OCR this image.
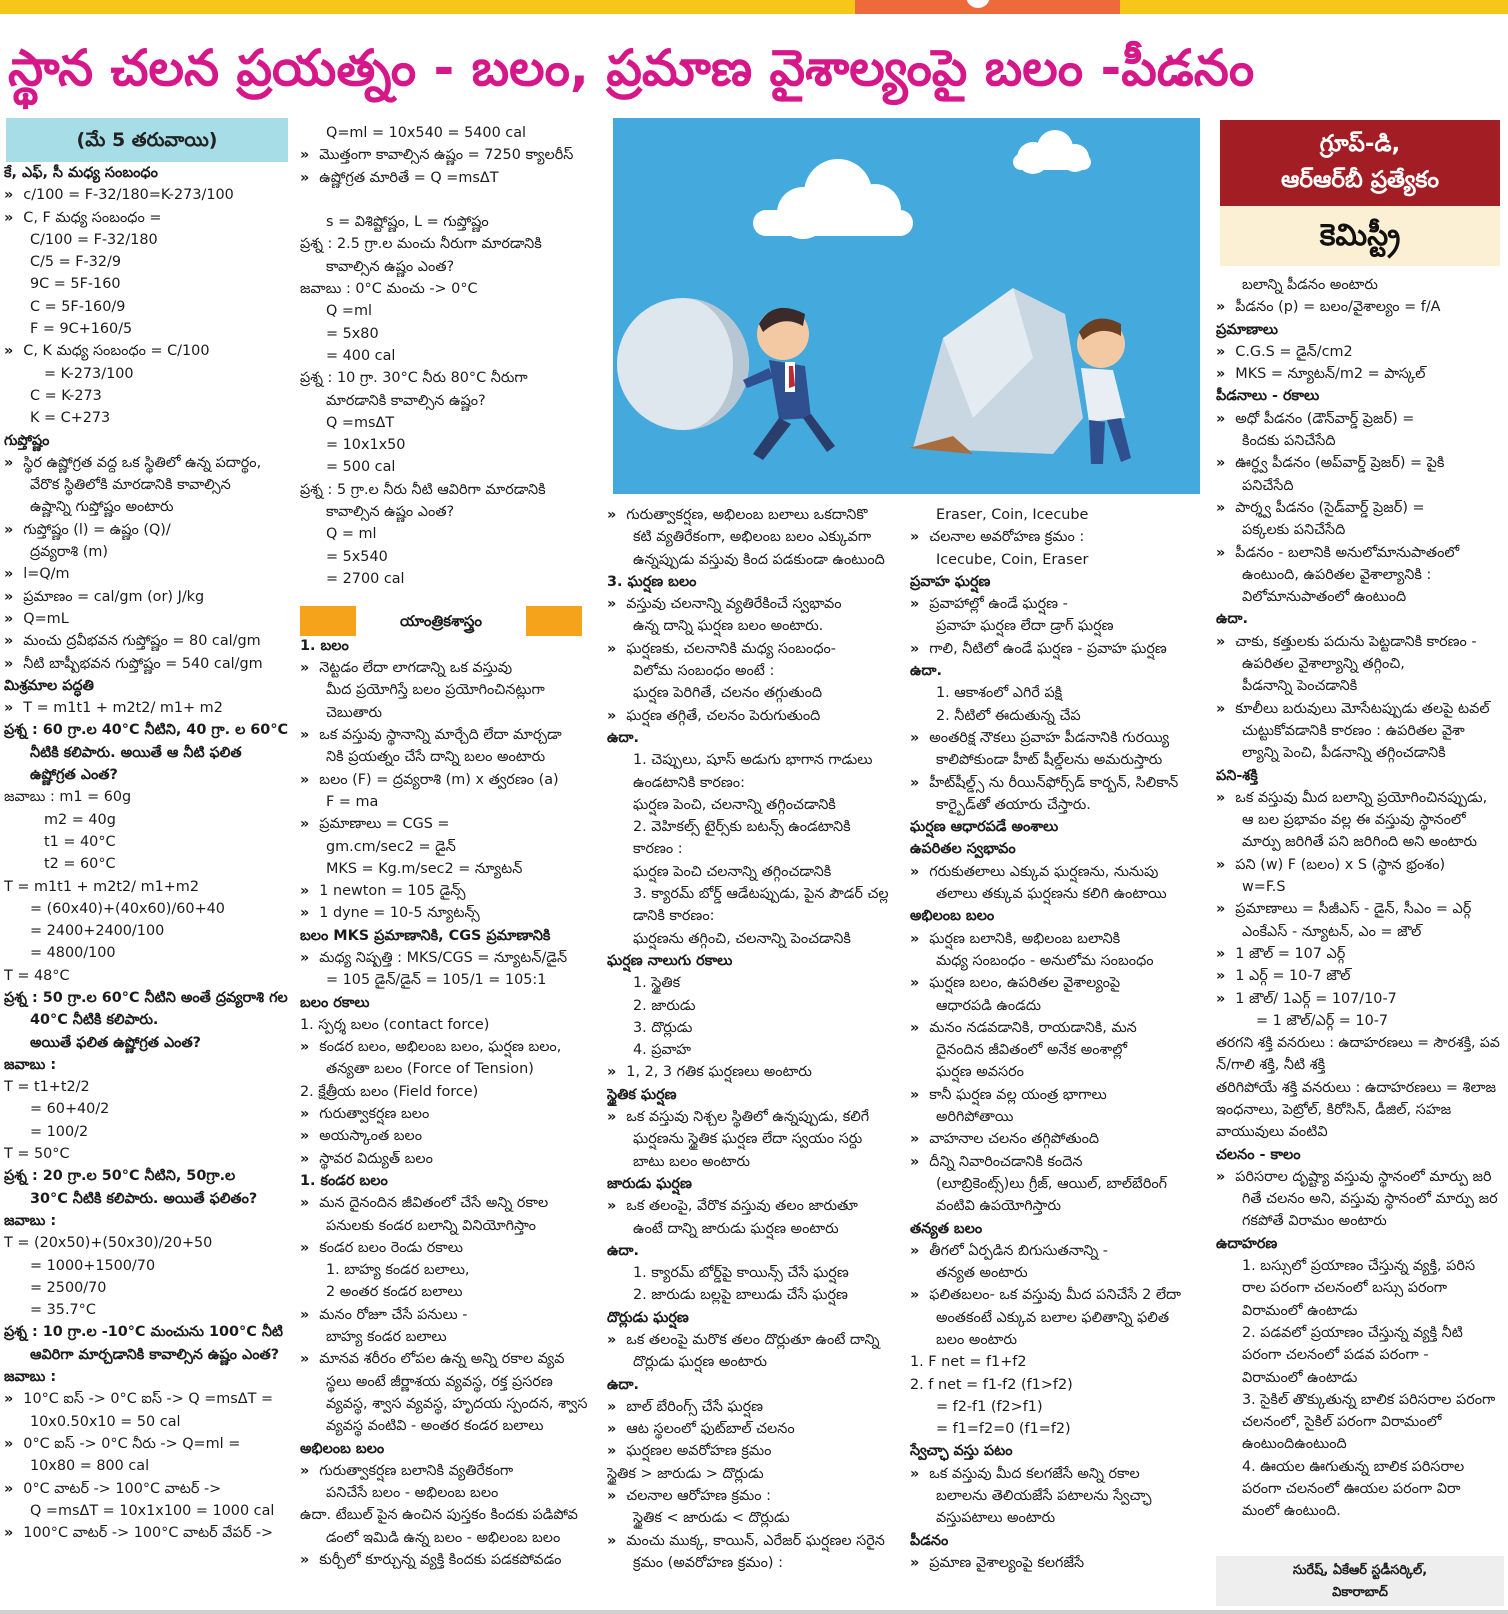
స్థాన చలన ప్రయత్నం - బలం, ప్రమాణ వైశాల్యంపై బలం -పీడనం
(మే 5 తరువాయి)

కే, ఎఫ్‌, సీ మధ్య సంబంధం

» c/100 = F-32/180=K-273/100

» C, F మధ్య సంబంధం =

C/100 = F-32/180

C/5 = F-32/9

9C = 5F-160

C = 5F-160/9

F = 9C+160/5

» C, K మధ్య సంబంధం = C/100

= K-273/100

C = K-273

K = C+273

గుప్తోష్ణం

» స్థిర ఉష్ణోగ్రత వద్ద ఒక స్థితిలో ఉన్న పదార్థం,

వేరొక స్థితిలోకి మారడానికి కావాల్సిన

ఉష్ణాన్ని గుప్తోష్ణం అంటారు

» గుప్తోష్ణం (l) = ఉష్ణం (Q)/

ద్రవ్యరాశి (m)

» l=Q/m

» ప్రమాణం = cal/gm (or) J/kg

» Q=mL

» మంచు ద్రవీభవన గుప్తోష్ణం = 80 cal/gm

» నీటి బాష్పీభవన గుప్తోష్ణం = 540 cal/gm

మిశ్రమాల పద్ధతి

» T = m1t1 + m2t2/ m1+ m2

ప్రశ్న : 60 గ్రా.ల 40°C నీటిని, 40 గ్రా. ల 60°C

నీటికి కలిపారు. అయితే ఆ నీటి ఫలిత

ఉష్ణోగ్రత ఎంత?

జవాబు : m1 = 60g

m2 = 40g

t1 = 40°C

t2 = 60°C

T = m1t1 + m2t2/ m1+m2

= (60x40)+(40x60)/60+40

= 2400+2400/100

= 4800/100

T = 48°C

ప్రశ్న : 50 గ్రా.ల 60°C నీటిని అంతే ద్రవ్యరాశి గల

40°C నీటికి కలిపారు.

అయితే ఫలిత ఉష్ణోగ్రత ఎంత?

జవాబు :

T = t1+t2/2

= 60+40/2

= 100/2

T = 50°C

ప్రశ్న : 20 గ్రా.ల 50°C నీటిని, 50గ్రా.ల

30°C నీటికి కలిపారు. అయితే ఫలితం?

జవాబు :

T = (20x50)+(50x30)/20+50

= 1000+1500/70

= 2500/70

= 35.7°C

ప్రశ్న : 10 గ్రా.ల -10°C మంచును 100°C నీటి

ఆవిరిగా మార్చడానికి కావాల్సిన ఉష్ణం ఎంత?

జవాబు :

» 10°C ఐస్‌ -> 0°C ఐస్‌ -> Q =msΔT =

10x0.50x10 = 50 cal

» 0°C ఐస్‌ -> 0°C నీరు -> Q=ml =

10x80 = 800 cal

» 0°C వాటర్‌ -> 100°C వాటర్‌ ->

Q =msΔT = 10x1x100 = 1000 cal

» 100°C వాటర్‌ -> 100°C వాటర్‌ వేపర్‌ ->

Q=ml = 10x540 = 5400 cal

» మొత్తంగా కావాల్సిన ఉష్ణం = 7250 క్యాలరీస్‌

» ఉష్ణోగ్రత మారితే = Q =msΔT

s = విశిష్టోష్ణం, L = గుప్తోష్ణం

ప్రశ్న : 2.5 గ్రా.ల మంచు నీరుగా మారడానికి

కావాల్సిన ఉష్ణం ఎంత?

జవాబు : 0°C మంచు -> 0°C

Q =ml

= 5x80

= 400 cal

ప్రశ్న : 10 గ్రా. 30°C నీరు 80°C నీరుగా

మారడానికి కావాల్సిన ఉష్ణం?

Q =msΔT

= 10x1x50

= 500 cal

ప్రశ్న : 5 గ్రా.ల నీరు నీటి ఆవిరిగా మారడానికి

కావాల్సిన ఉష్ణం ఎంత?

Q = ml

= 5x540

= 2700 cal

1. బలం

» నెట్టడం లేదా లాగడాన్ని ఒక వస్తువు

మీద ప్రయోగిస్తే బలం ప్రయోగించినట్లుగా

చెబుతారు

» ఒక వస్తువు స్థానాన్ని మార్చేది లేదా మార్చడా

నికి ప్రయత్నం చేసే దాన్ని బలం అంటారు

» బలం (F) = ద్రవ్యరాశి (m) x త్వరణం (a)

F = ma

» ప్రమాణాలు = CGS =

gm.cm/sec2 = డైన్‌

MKS = Kg.m/sec2 = న్యూటన్‌

» 1 newton = 105 డైన్స్‌

» 1 dyne = 10-5 న్యూటన్స్‌

బలం MKS ప్రమాణానికి, CGS ప్రమాణానికి

» మధ్య నిష్పత్తి : MKS/CGS = న్యూటన్‌/డైన్‌

= 105 డైన్‌/డైన్‌ = 105/1 = 105:1

బలం రకాలు

1. స్పర్శ బలం (contact force)

» కండర బలం, అభిలంబ బలం, ఘర్షణ బలం,

తన్యతా బలం (Force of Tension)

2. క్షేత్రీయ బలం (Field force)

» గురుత్వాకర్షణ బలం

» అయస్కాంత బలం

» స్థావర విద్యుత్‌ బలం

1. కండర బలం

» మన దైనందిన జీవితంలో చేసే అన్ని రకాల

పనులకు కండర బలాన్ని వినియోగిస్తాం

» కండర బలం రెండు రకాలు

1. బాహ్య కండర బలాలు,

2 అంతర కండర బలాలు

» మనం రోజూ చేసే పనులు -

బాహ్య కండర బలాలు

» మానవ శరీరం లోపల ఉన్న అన్ని రకాల వ్యవ

స్థలు అంటే జీర్ణాశయ వ్యవస్థ, రక్త ప్రసరణ

వ్యవస్థ, శ్వాస వ్యవస్థ, హృదయ స్పందన, శ్వాస

వ్యవస్థ వంటివి - అంతర కండర బలాలు

అభిలంబ బలం

» గురుత్వాకర్షణ బలానికి వ్యతిరేకంగా

పనిచేసే బలం - అభిలంబ బలం

ఉదా. టేబుల్‌ పైన ఉంచిన పుస్తకం కిందకు పడిపోవ

డంలో ఇమిడి ఉన్న బలం - అభిలంబ బలం

» కుర్చీలో కూర్చున్న వ్యక్తి కిందకు పడకపోవడం

యాంత్రికశాస్త్రం

» గురుత్వాకర్షణ, అభిలంబ బలాలు ఒకదానికొ

కటి వ్యతిరేకంగా, అభిలంబ బలం ఎక్కువగా

ఉన్నప్పుడు వస్తువు కింద పడకుండా ఉంటుంది

3. ఘర్షణ బలం

» వస్తువు చలనాన్ని వ్యతిరేకించే స్వభావం

ఉన్న దాన్ని ఘర్షణ బలం అంటారు.

» ఘర్షణకు, చలనానికి మధ్య సంబంధం-

విలోమ సంబంధం అంటే :

ఘర్షణ పెరిగితే, చలనం తగ్గుతుంది

» ఘర్షణ తగ్గితే, చలనం పెరుగుతుంది

ఉదా.

1. చెప్పులు, షూస్‌ అడుగు భాగాన గాడులు

ఉండటానికి కారణం:

ఘర్షణ పెంచి, చలనాన్ని తగ్గించడానికి

2. వెహికల్స్‌ టైర్స్‌కు బటన్స్‌ ఉండటానికి

కారణం :

ఘర్షణ పెంచి చలనాన్ని తగ్గించడానికి

3. క్యారమ్‌ బోర్డ్‌ ఆడేటప్పుడు, పైన పౌడర్‌ చల్ల

డానికి కారణం:

ఘర్షణను తగ్గించి, చలనాన్ని పెంచడానికి

ఘర్షణ నాలుగు రకాలు

1. స్థైతిక

2. జారుడు

3. దొర్లుడు

4. ప్రవాహ

» 1, 2, 3 గతిక ఘర్షణలు అంటారు

స్థైతిక ఘర్షణ

» ఒక వస్తువు నిశ్చల స్థితిలో ఉన్నప్పుడు, కలిగే

ఘర్షణను స్థైతిక ఘర్షణ లేదా స్వయం సర్దు

బాటు బలం అంటారు

జారుడు ఘర్షణ

» ఒక తలంపై, వేరొక వస్తువు తలం జారుతూ

ఉంటే దాన్ని జారుడు ఘర్షణ అంటారు

ఉదా.

1. క్యారమ్‌ బోర్డ్‌పై కాయిన్స్‌ చేసే ఘర్షణ

2. జారుడు బల్లపై బాలుడు చేసే ఘర్షణ

దొర్లుడు ఘర్షణ

» ఒక తలంపై మరొక తలం దొర్లుతూ ఉంటే దాన్ని

దొర్లుడు ఘర్షణ అంటారు

ఉదా.

» బాల్‌ బేరింగ్స్‌ చేసే ఘర్షణ

» ఆట స్థలంలో ఫుట్‌బాల్‌ చలనం

» ఘర్షణల అవరోహణ క్రమం

స్థైతిక > జారుడు > దొర్లుడు

» చలనాల ఆరోహణ క్రమం :

స్థైతిక < జారుడు < దొర్లుడు

» మంచు ముక్క, కాయిన్‌, ఎరేజర్‌ ఘర్షణల సరైన

క్రమం (అవరోహణ క్రమం) :

Eraser, Coin, Icecube

» చలనాల అవరోహణ క్రమం :

Icecube, Coin, Eraser

ప్రవాహ ఘర్షణ

» ప్రవాహాల్లో ఉండే ఘర్షణ -

ప్రవాహ ఘర్షణ లేదా డ్రాగ్‌ ఘర్షణ

» గాలి, నీటిలో ఉండే ఘర్షణ - ప్రవాహ ఘర్షణ

ఉదా.

1. ఆకాశంలో ఎగిరే పక్షి

2. నీటిలో ఈదుతున్న చేప

» అంతరిక్ష నౌకలు ప్రవాహ పీడనానికి గురయ్యి

కాలిపోకుండా హీట్‌ షీల్డ్‌లను అమరుస్తారు

» హీట్‌షీల్డ్స్‌ ను రీయిన్‌ఫోర్స్‌డ్‌ కార్బన్‌, సిలికాన్‌

కార్బైడ్‌తో తయారు చేస్తారు.

ఘర్షణ ఆధారపడే అంశాలు

ఉపరితల స్వభావం

» గరుకుతలాలు ఎక్కువ ఘర్షణను, నునుపు

తలాలు తక్కువ ఘర్షణను కలిగి ఉంటాయి

అభిలంబ బలం

» ఘర్షణ బలానికి, అభిలంబ బలానికి

మధ్య సంబంధం - అనులోమ సంబంధం

» ఘర్షణ బలం, ఉపరితల వైశాల్యంపై

ఆధారపడి ఉండదు

» మనం నడవడానికి, రాయడానికి, మన

దైనందిన జీవితంలో అనేక అంశాల్లో

ఘర్షణ అవసరం

» కానీ ఘర్షణ వల్ల యంత్ర భాగాలు

అరిగిపోతాయి

» వాహనాల చలనం తగ్గిపోతుంది

» దీన్ని నివారించడానికి కందెన

(లూబ్రికెంట్స్‌)లు గ్రీజ్‌, ఆయిల్‌, బాల్‌బేరింగ్‌

వంటివి ఉపయోగిస్తారు

తన్యత బలం

» తీగలో ఏర్పడిన బిగుసుతనాన్ని -

తన్యత అంటారు

» ఫలితబలం- ఒక వస్తువు మీద పనిచేసే 2 లేదా

అంతకంటే ఎక్కువ బలాల ఫలితాన్ని ఫలిత

బలం అంటారు

1. F net = f1+f2

2. f net = f1-f2 (f1>f2)

= f2-f1 (f2>f1)

= f1=f2=0 (f1=f2)

స్వేచ్ఛా వస్తు పటం

» ఒక వస్తువు మీద కలగజేసే అన్ని రకాల

బలాలను తెలియజేసే పటాలను స్వేచ్ఛా

వస్తుపటాలు అంటారు

పీడనం

» ప్రమాణ వైశాల్యంపై కలగజేసే

గ్రూప్‌-డి,
ఆర్‌ఆర్‌బీ ప్రత్యేకం
కెమిస్ట్రీ

బలాన్ని పీడనం అంటారు

» పీడనం (p) = బలం/వైశాల్యం = f/A

ప్రమాణాలు

» C.G.S = డైన్‌/cm2

» MKS = న్యూటన్‌/m2 = పాస్కల్‌

పీడనాలు - రకాలు

» అధో పీడనం (డౌన్‌వార్డ్‌ ప్రెజర్‌) =

కిందకు పనిచేసేది

» ఊర్ధ్వ పీడనం (అప్‌వార్డ్‌ ప్రెజర్‌) = పైకి

పనిచేసేది

» పార్శ్వ పీడనం (సైడ్‌వార్డ్‌ ప్రెజర్‌) =

పక్కలకు పనిచేసేది

» పీడనం - బలానికి అనులోమానుపాతంలో

ఉంటుంది, ఉపరితల వైశాల్యానికి :

విలోమానుపాతంలో ఉంటుంది

ఉదా.

» చాకు, కత్తులకు పదును పెట్టడానికి కారణం -

ఉపరితల వైశాల్యాన్ని తగ్గించి,

పీడనాన్ని పెంచడానికి

» కూలీలు బరువులు మోసేటప్పుడు తలపై టవల్‌

చుట్టుకోవడానికి కారణం : ఉపరితల వైశా

ల్యాన్ని పెంచి, పీడనాన్ని తగ్గించడానికి

పని-శక్తి

» ఒక వస్తువు మీద బలాన్ని ప్రయోగించినప్పుడు,

ఆ బల ప్రభావం వల్ల ఈ వస్తువు స్థానంలో

మార్పు జరిగితే పని జరిగింది అని అంటారు

» పని (w) F (బలం) x S (స్థాన భ్రంశం)

w=F.S

» ప్రమాణాలు = సీజీఎస్‌ - డైన్‌, సీఎం = ఎర్గ్‌

ఎంకేఎస్‌ - న్యూటన్‌, ఎం = జౌల్‌

» 1 జౌల్‌ = 107 ఎర్గ్‌

» 1 ఎర్గ్‌ = 10-7 జౌల్‌

» 1 జౌల్‌/ 1ఎర్గ్‌ = 107/10-7

= 1 జౌల్‌/ఎర్గ్‌ = 10-7

తరగని శక్తి వనరులు : ఉదాహరణలు = సౌరశక్తి, పవ

న్‌/గాలి శక్తి, నీటి శక్తి

తరిగిపోయే శక్తి వనరులు : ఉదాహరణలు = శిలాజ

ఇంధనాలు, పెట్రోల్‌, కిరోసిన్‌, డీజిల్‌, సహజ

వాయువులు వంటివి

చలనం - కాలం

» పరిసరాల దృష్ట్యా వస్తువు స్థానంలో మార్పు జరి

గితే చలనం అని, వస్తువు స్థానంలో మార్పు జర

గకపోతే విరామం అంటారు

ఉదాహరణ

1. బస్సులో ప్రయాణం చేస్తున్న వ్యక్తి, పరిస

రాల పరంగా చలనంలో బస్సు పరంగా

విరామంలో ఉంటాడు

2. పడవలో ప్రయాణం చేస్తున్న వ్యక్తి నీటి

పరంగా చలనంలో పడవ పరంగా -

విరామంలో ఉంటాడు

3. సైకిల్‌ తొక్కుతున్న బాలిక పరిసరాల పరంగా

చలనంలో, సైకిల్‌ పరంగా విరామంలో

ఉంటుందిఉంటుంది

4. ఊయల ఊగుతున్న బాలిక పరిసరాల

పరంగా చలనంలో ఊయల పరంగా విరా

మంలో ఉంటుంది.

సురేష్‌, ఏకేఆర్‌ స్టడీసర్కిల్‌,
వికారాబాద్‌
